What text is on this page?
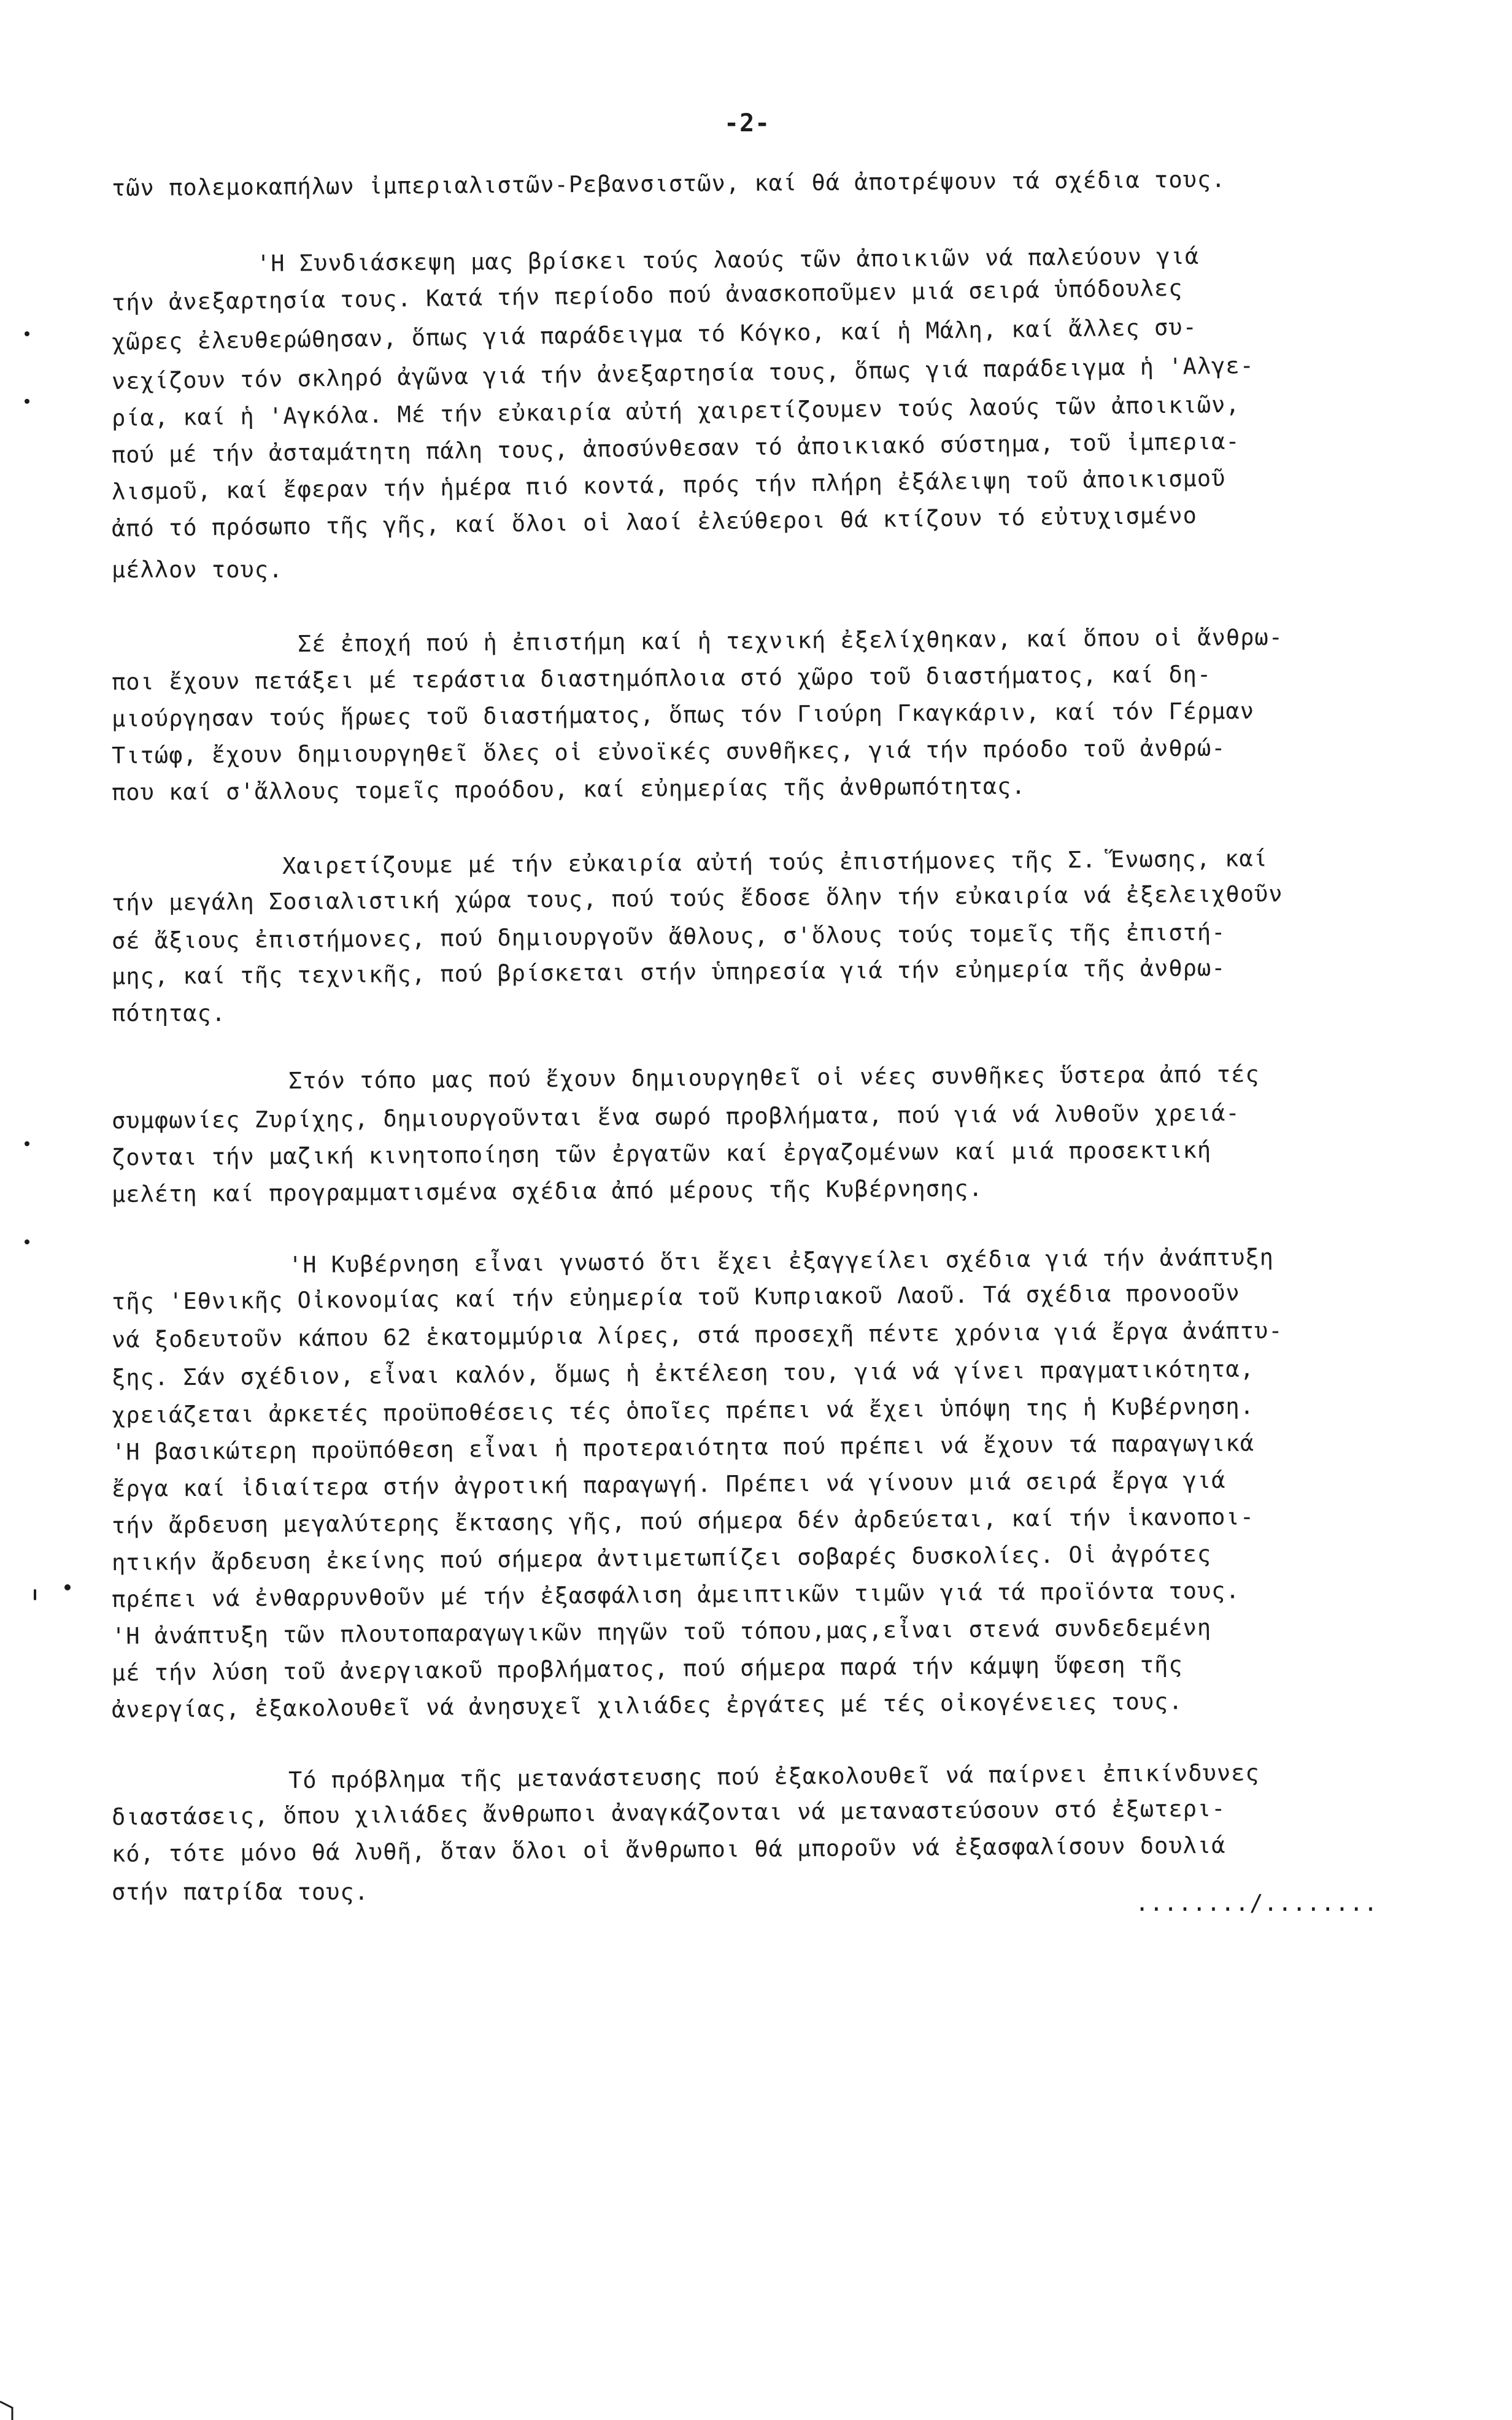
-2-
τῶν πολεμοκαπήλων ἰμπεριαλιστῶν-Ρεβανσιστῶν, καί θά ἀποτρέψουν τά σχέδια τους.
'Η Συνδιάσκεψη μας βρίσκει τούς λαούς τῶν ἀποικιῶν νά παλεύουν γιά
τήν ἀνεξαρτησία τους. Κατά τήν περίοδο πού ἀνασκοποῦμεν μιά σειρά ὑπόδουλες
χῶρες ἐλευθερώθησαν, ὅπως γιά παράδειγμα τό Κόγκο, καί ἡ Μάλη, καί ἄλλες συ-
νεχίζουν τόν σκληρό ἀγῶνα γιά τήν ἀνεξαρτησία τους, ὅπως γιά παράδειγμα ἡ 'Αλγε-
ρία, καί ἡ 'Αγκόλα. Μέ τήν εὐκαιρία αὐτή χαιρετίζουμεν τούς λαούς τῶν ἀποικιῶν,
πού μέ τήν ἀσταμάτητη πάλη τους, ἀποσύνθεσαν τό ἀποικιακό σύστημα, τοῦ ἰμπερια-
λισμοῦ, καί ἔφεραν τήν ἡμέρα πιό κοντά, πρός τήν πλήρη ἐξάλειψη τοῦ ἀποικισμοῦ
ἀπό τό πρόσωπο τῆς γῆς, καί ὅλοι οἱ λαοί ἐλεύθεροι θά κτίζουν τό εὐτυχισμένο
μέλλον τους.
Σέ ἐποχή πού ἡ ἐπιστήμη καί ἡ τεχνική ἐξελίχθηκαν, καί ὅπου οἱ ἄνθρω-
ποι ἔχουν πετάξει μέ τεράστια διαστημόπλοια στό χῶρο τοῦ διαστήματος, καί δη-
μιούργησαν τούς ἥρωες τοῦ διαστήματος, ὅπως τόν Γιούρη Γκαγκάριν, καί τόν Γέρμαν
Τιτώφ, ἔχουν δημιουργηθεῖ ὅλες οἱ εὐνοϊκές συνθῆκες, γιά τήν πρόοδο τοῦ ἀνθρώ-
που καί σ'ἄλλους τομεῖς προόδου, καί εὐημερίας τῆς ἀνθρωπότητας.
Χαιρετίζουμε μέ τήν εὐκαιρία αὐτή τούς ἐπιστήμονες τῆς Σ. Ἕνωσης, καί
τήν μεγάλη Σοσιαλιστική χώρα τους, πού τούς ἔδοσε ὅλην τήν εὐκαιρία νά ἐξελειχθοῦν
σέ ἄξιους ἐπιστήμονες, πού δημιουργοῦν ἄθλους, σ'ὅλους τούς τομεῖς τῆς ἐπιστή-
μης, καί τῆς τεχνικῆς, πού βρίσκεται στήν ὑπηρεσία γιά τήν εὐημερία τῆς ἀνθρω-
πότητας.
Στόν τόπο μας πού ἔχουν δημιουργηθεῖ οἱ νέες συνθῆκες ὕστερα ἀπό τές
συμφωνίες Ζυρίχης, δημιουργοῦνται ἕνα σωρό προβλήματα, πού γιά νά λυθοῦν χρειά-
ζονται τήν μαζική κινητοποίηση τῶν ἐργατῶν καί ἐργαζομένων καί μιά προσεκτική
μελέτη καί προγραμματισμένα σχέδια ἀπό μέρους τῆς Κυβέρνησης.
'Η Κυβέρνηση εἶναι γνωστό ὅτι ἔχει ἐξαγγείλει σχέδια γιά τήν ἀνάπτυξη
τῆς 'Εθνικῆς Οἰκονομίας καί τήν εὐημερία τοῦ Κυπριακοῦ Λαοῦ. Τά σχέδια προνοοῦν
νά ξοδευτοῦν κάπου 62 ἑκατομμύρια λίρες, στά προσεχῆ πέντε χρόνια γιά ἔργα ἀνάπτυ-
ξης. Σάν σχέδιον, εἶναι καλόν, ὅμως ἡ ἐκτέλεση του, γιά νά γίνει πραγματικότητα,
χρειάζεται ἀρκετές προϋποθέσεις τές ὁποῖες πρέπει νά ἔχει ὑπόψη της ἡ Κυβέρνηση.
'Η βασικώτερη προϋπόθεση εἶναι ἡ προτεραιότητα πού πρέπει νά ἔχουν τά παραγωγικά
ἔργα καί ἰδιαίτερα στήν ἀγροτική παραγωγή. Πρέπει νά γίνουν μιά σειρά ἔργα γιά
τήν ἄρδευση μεγαλύτερης ἔκτασης γῆς, πού σήμερα δέν ἀρδεύεται, καί τήν ἱκανοποι-
ητικήν ἄρδευση ἐκείνης πού σήμερα ἀντιμετωπίζει σοβαρές δυσκολίες. Οἱ ἀγρότες
πρέπει νά ἐνθαρρυνθοῦν μέ τήν ἐξασφάλιση ἀμειπτικῶν τιμῶν γιά τά προϊόντα τους.
'Η ἀνάπτυξη τῶν πλουτοπαραγωγικῶν πηγῶν τοῦ τόπου,μας,εἶναι στενά συνδεδεμένη
μέ τήν λύση τοῦ ἀνεργιακοῦ προβλήματος, πού σήμερα παρά τήν κάμψη ὕφεση τῆς
ἀνεργίας, ἐξακολουθεῖ νά ἀνησυχεῖ χιλιάδες ἐργάτες μέ τές οἰκογένειες τους.
Τό πρόβλημα τῆς μετανάστευσης πού ἐξακολουθεῖ νά παίρνει ἐπικίνδυνες
διαστάσεις, ὅπου χιλιάδες ἄνθρωποι ἀναγκάζονται νά μεταναστεύσουν στό ἐξωτερι-
κό, τότε μόνο θά λυθῆ, ὅταν ὅλοι οἱ ἄνθρωποι θά μποροῦν νά ἐξασφαλίσουν δουλιά
στήν πατρίδα τους.	......../........
